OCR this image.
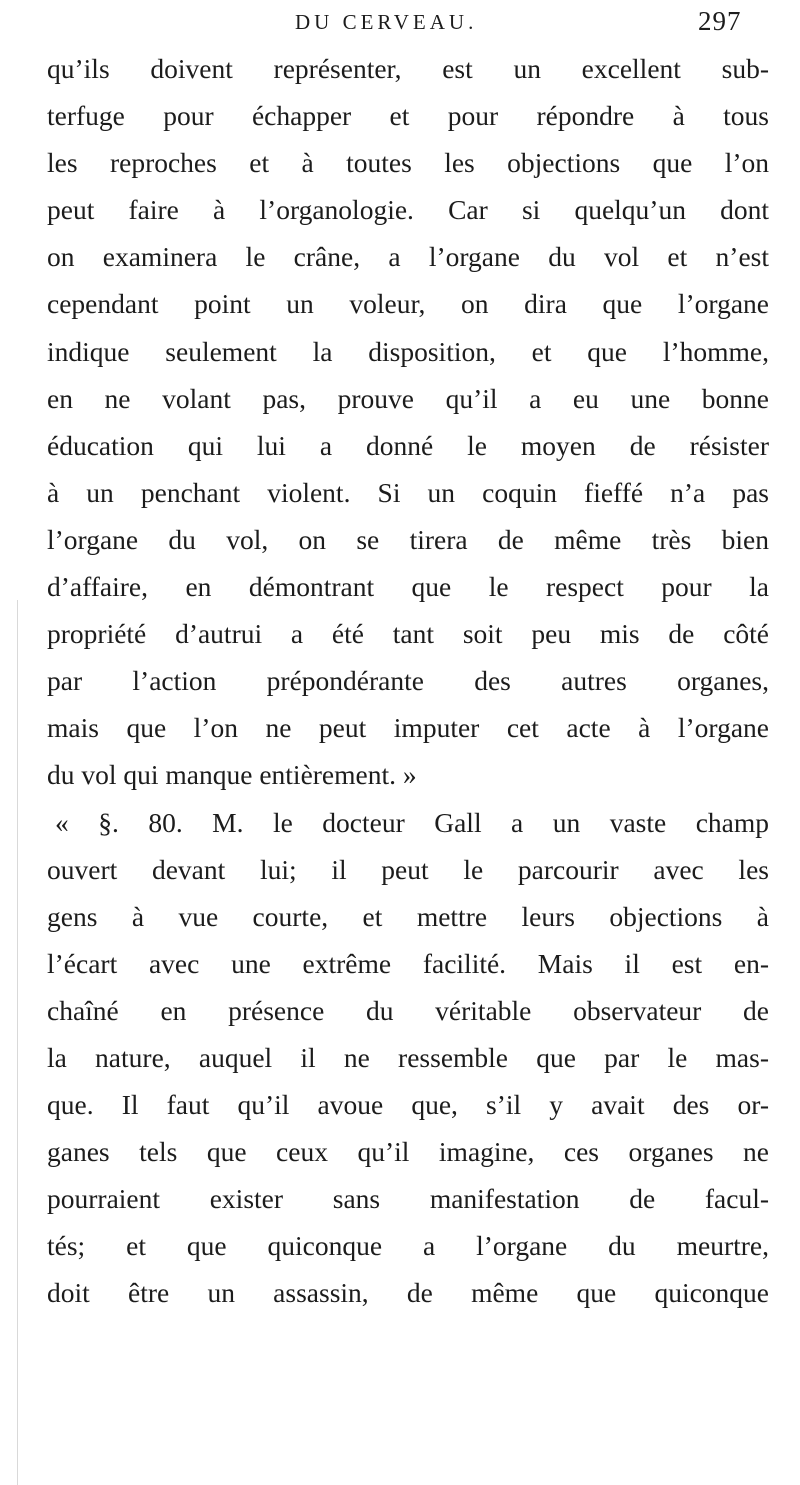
DU CERVEAU.	297
qu’ils doivent représenter, est un excellent sub-
terfuge pour échapper et pour répondre à tous
les reproches et à toutes les objections que l’on
peut faire à l’organologie. Car si quelqu’un dont
on examinera le crâne, a l’organe du vol et n’est
cependant point un voleur, on dira que l’organe
indique seulement la disposition, et que l’homme,
en ne volant pas, prouve qu’il a eu une bonne
éducation qui lui a donné le moyen de résister
à un penchant violent. Si un coquin fieffé n’a pas
l’organe du vol, on se tirera de même très bien
d’affaire, en démontrant que le respect pour la
propriété d’autrui a été tant soit peu mis de côté
par l’action prépondérante des autres organes,
mais que l’on ne peut imputer cet acte à l’organe
du vol qui manque entièrement. »
« §. 80. M. le docteur Gall a un vaste champ
ouvert devant lui; il peut le parcourir avec les
gens à vue courte, et mettre leurs objections à
l’écart avec une extrême facilité. Mais il est en-
chaîné en présence du véritable observateur de
la nature, auquel il ne ressemble que par le mas-
que. Il faut qu’il avoue que, s’il y avait des or-
ganes tels que ceux qu’il imagine, ces organes ne
pourraient exister sans manifestation de facul-
tés; et que quiconque a l’organe du meurtre,
doit être un assassin, de même que quiconque
